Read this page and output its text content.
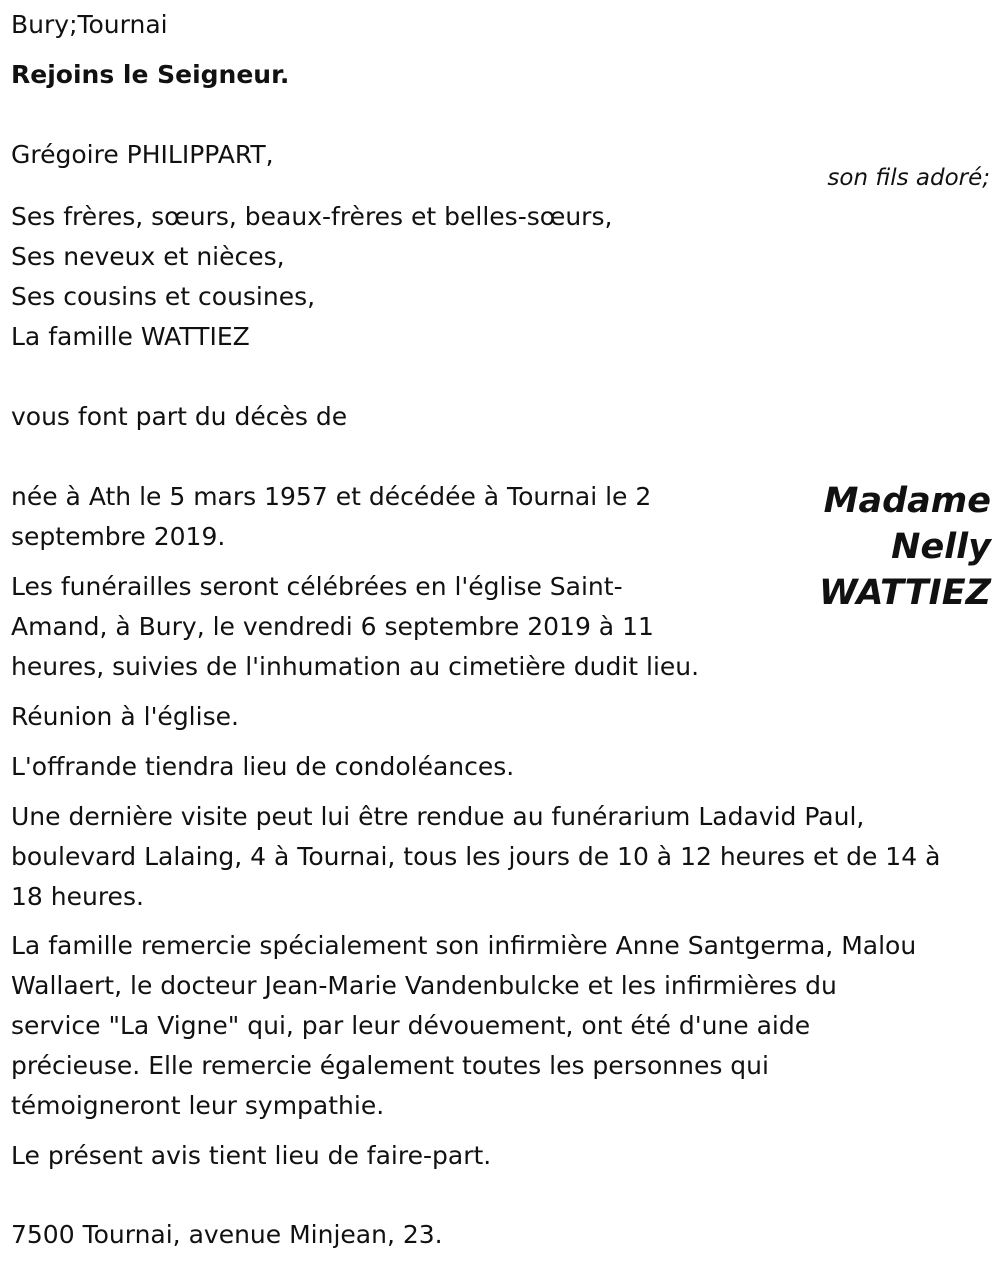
Bury;Tournai

Rejoins le Seigneur.

Grégoire PHILIPPART,

son fils adoré;

Ses frères, sœurs, beaux-frères et belles-sœurs,

Ses neveux et nièces,

Ses cousins et cousines,

La famille WATTIEZ

vous font part du décès de

Madame
Nelly
WATTIEZ

née à Ath le 5 mars 1957 et décédée à Tournai le 2

septembre 2019.

Les funérailles seront célébrées en l'église Saint-

Amand, à Bury, le vendredi 6 septembre 2019 à 11

heures, suivies de l'inhumation au cimetière dudit lieu.

Réunion à l'église.

L'offrande tiendra lieu de condoléances.

Une dernière visite peut lui être rendue au funérarium Ladavid Paul,

boulevard Lalaing, 4 à Tournai, tous les jours de 10 à 12 heures et de 14 à

18 heures.

La famille remercie spécialement son infirmière Anne Santgerma, Malou

Wallaert, le docteur Jean-Marie Vandenbulcke et les infirmières du

service "La Vigne" qui, par leur dévouement, ont été d'une aide

précieuse. Elle remercie également toutes les personnes qui

témoigneront leur sympathie.

Le présent avis tient lieu de faire-part.

7500 Tournai, avenue Minjean, 23.
